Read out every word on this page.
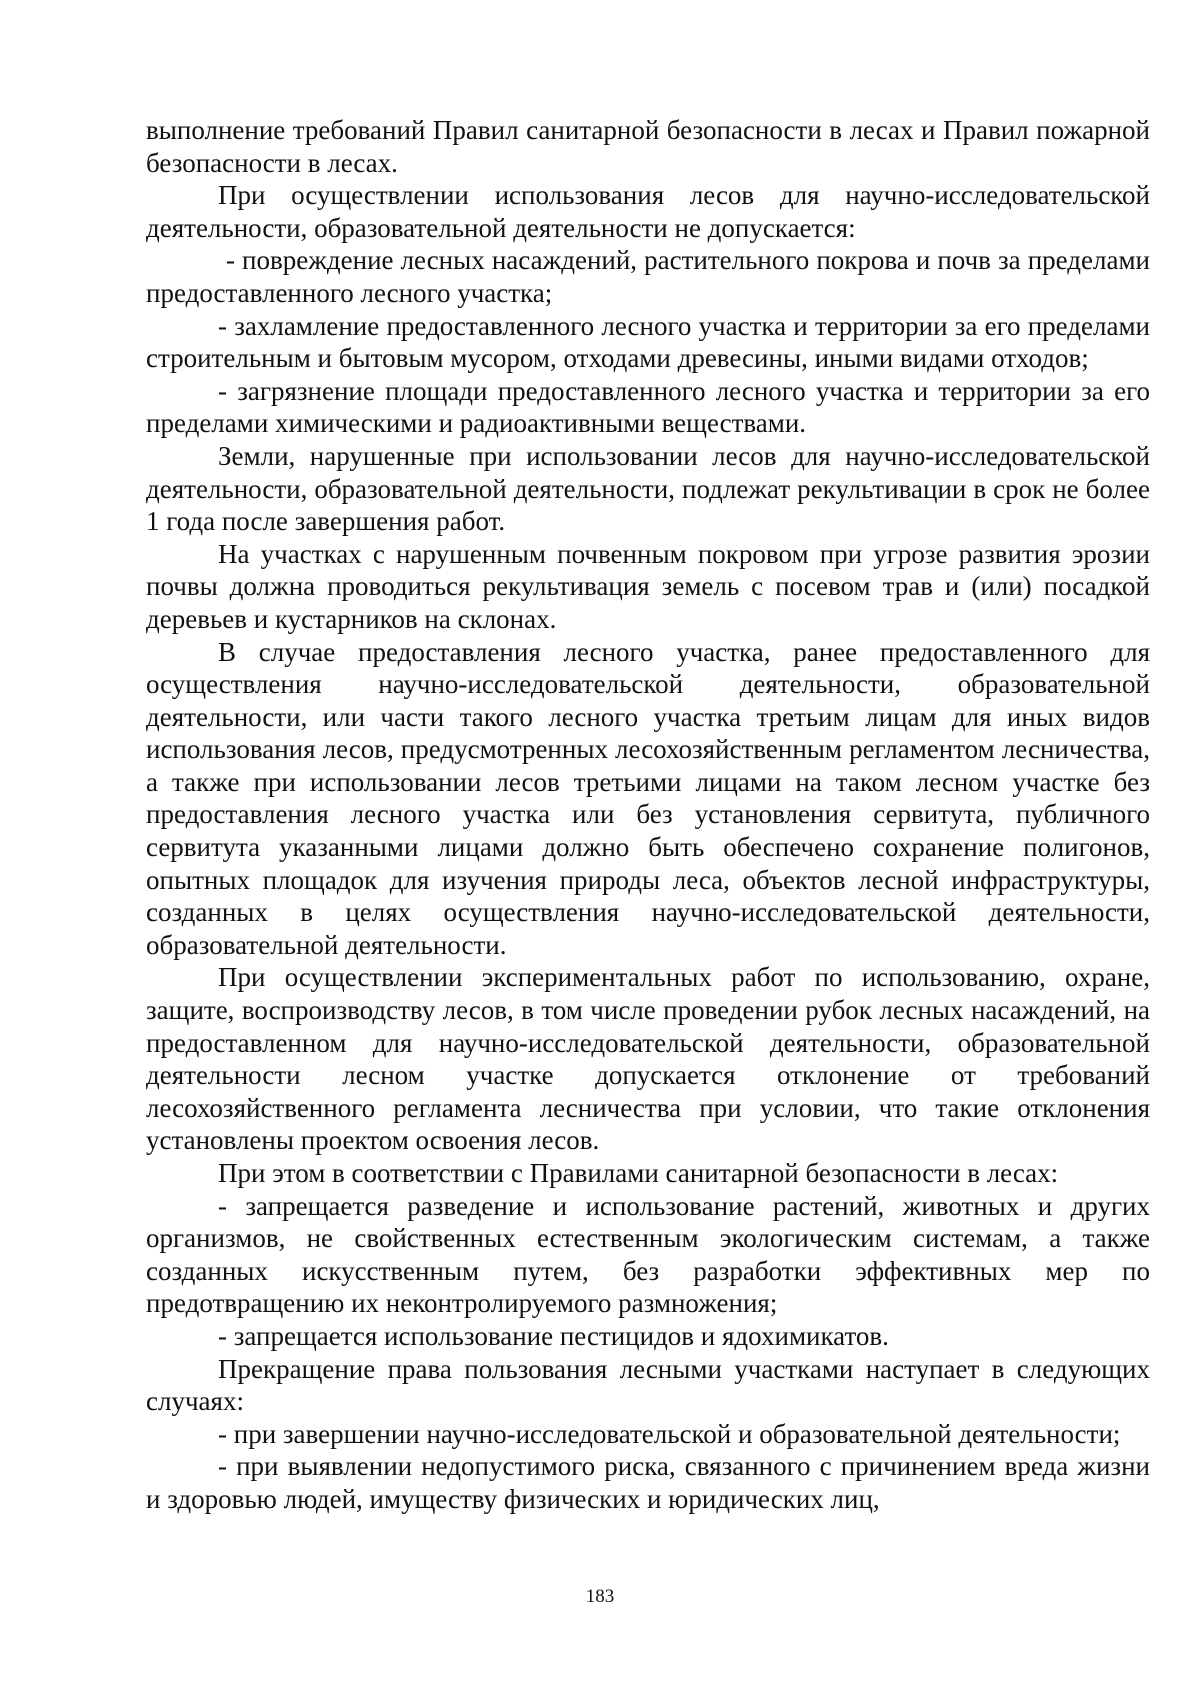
выполнение требований Правил санитарной безопасности в лесах и Правил пожарной безопасности в лесах.

При осуществлении использования лесов для научно-исследовательской деятельности, образовательной деятельности не допускается:

- повреждение лесных насаждений, растительного покрова и почв за пределами предоставленного лесного участка;

- захламление предоставленного лесного участка и территории за его пределами строительным и бытовым мусором, отходами древесины, иными видами отходов;

- загрязнение площади предоставленного лесного участка и территории за его пределами химическими и радиоактивными веществами.

Земли, нарушенные при использовании лесов для научно-исследовательской деятельности, образовательной деятельности, подлежат рекультивации в срок не более 1 года после завершения работ.

На участках с нарушенным почвенным покровом при угрозе развития эрозии почвы должна проводиться рекультивация земель с посевом трав и (или) посадкой деревьев и кустарников на склонах.

В случае предоставления лесного участка, ранее предоставленного для осуществления научно-исследовательской деятельности, образовательной деятельности, или части такого лесного участка третьим лицам для иных видов использования лесов, предусмотренных лесохозяйственным регламентом лесничества, а также при использовании лесов третьими лицами на таком лесном участке без предоставления лесного участка или без установления сервитута, публичного сервитута указанными лицами должно быть обеспечено сохранение полигонов, опытных площадок для изучения природы леса, объектов лесной инфраструктуры, созданных в целях осуществления научно-исследовательской деятельности, образовательной деятельности.

При осуществлении экспериментальных работ по использованию, охране, защите, воспроизводству лесов, в том числе проведении рубок лесных насаждений, на предоставленном для научно-исследовательской деятельности, образовательной деятельности лесном участке допускается отклонение от требований лесохозяйственного регламента лесничества при условии, что такие отклонения установлены проектом освоения лесов.

При этом в соответствии с Правилами санитарной безопасности в лесах:

- запрещается разведение и использование растений, животных и других организмов, не свойственных естественным экологическим системам, а также созданных искусственным путем, без разработки эффективных мер по предотвращению их неконтролируемого размножения;

- запрещается использование пестицидов и ядохимикатов.

Прекращение права пользования лесными участками наступает в следующих случаях:

- при завершении научно-исследовательской и образовательной деятельности;

- при выявлении недопустимого риска, связанного с причинением вреда жизни и здоровью людей, имуществу физических и юридических лиц,

183
